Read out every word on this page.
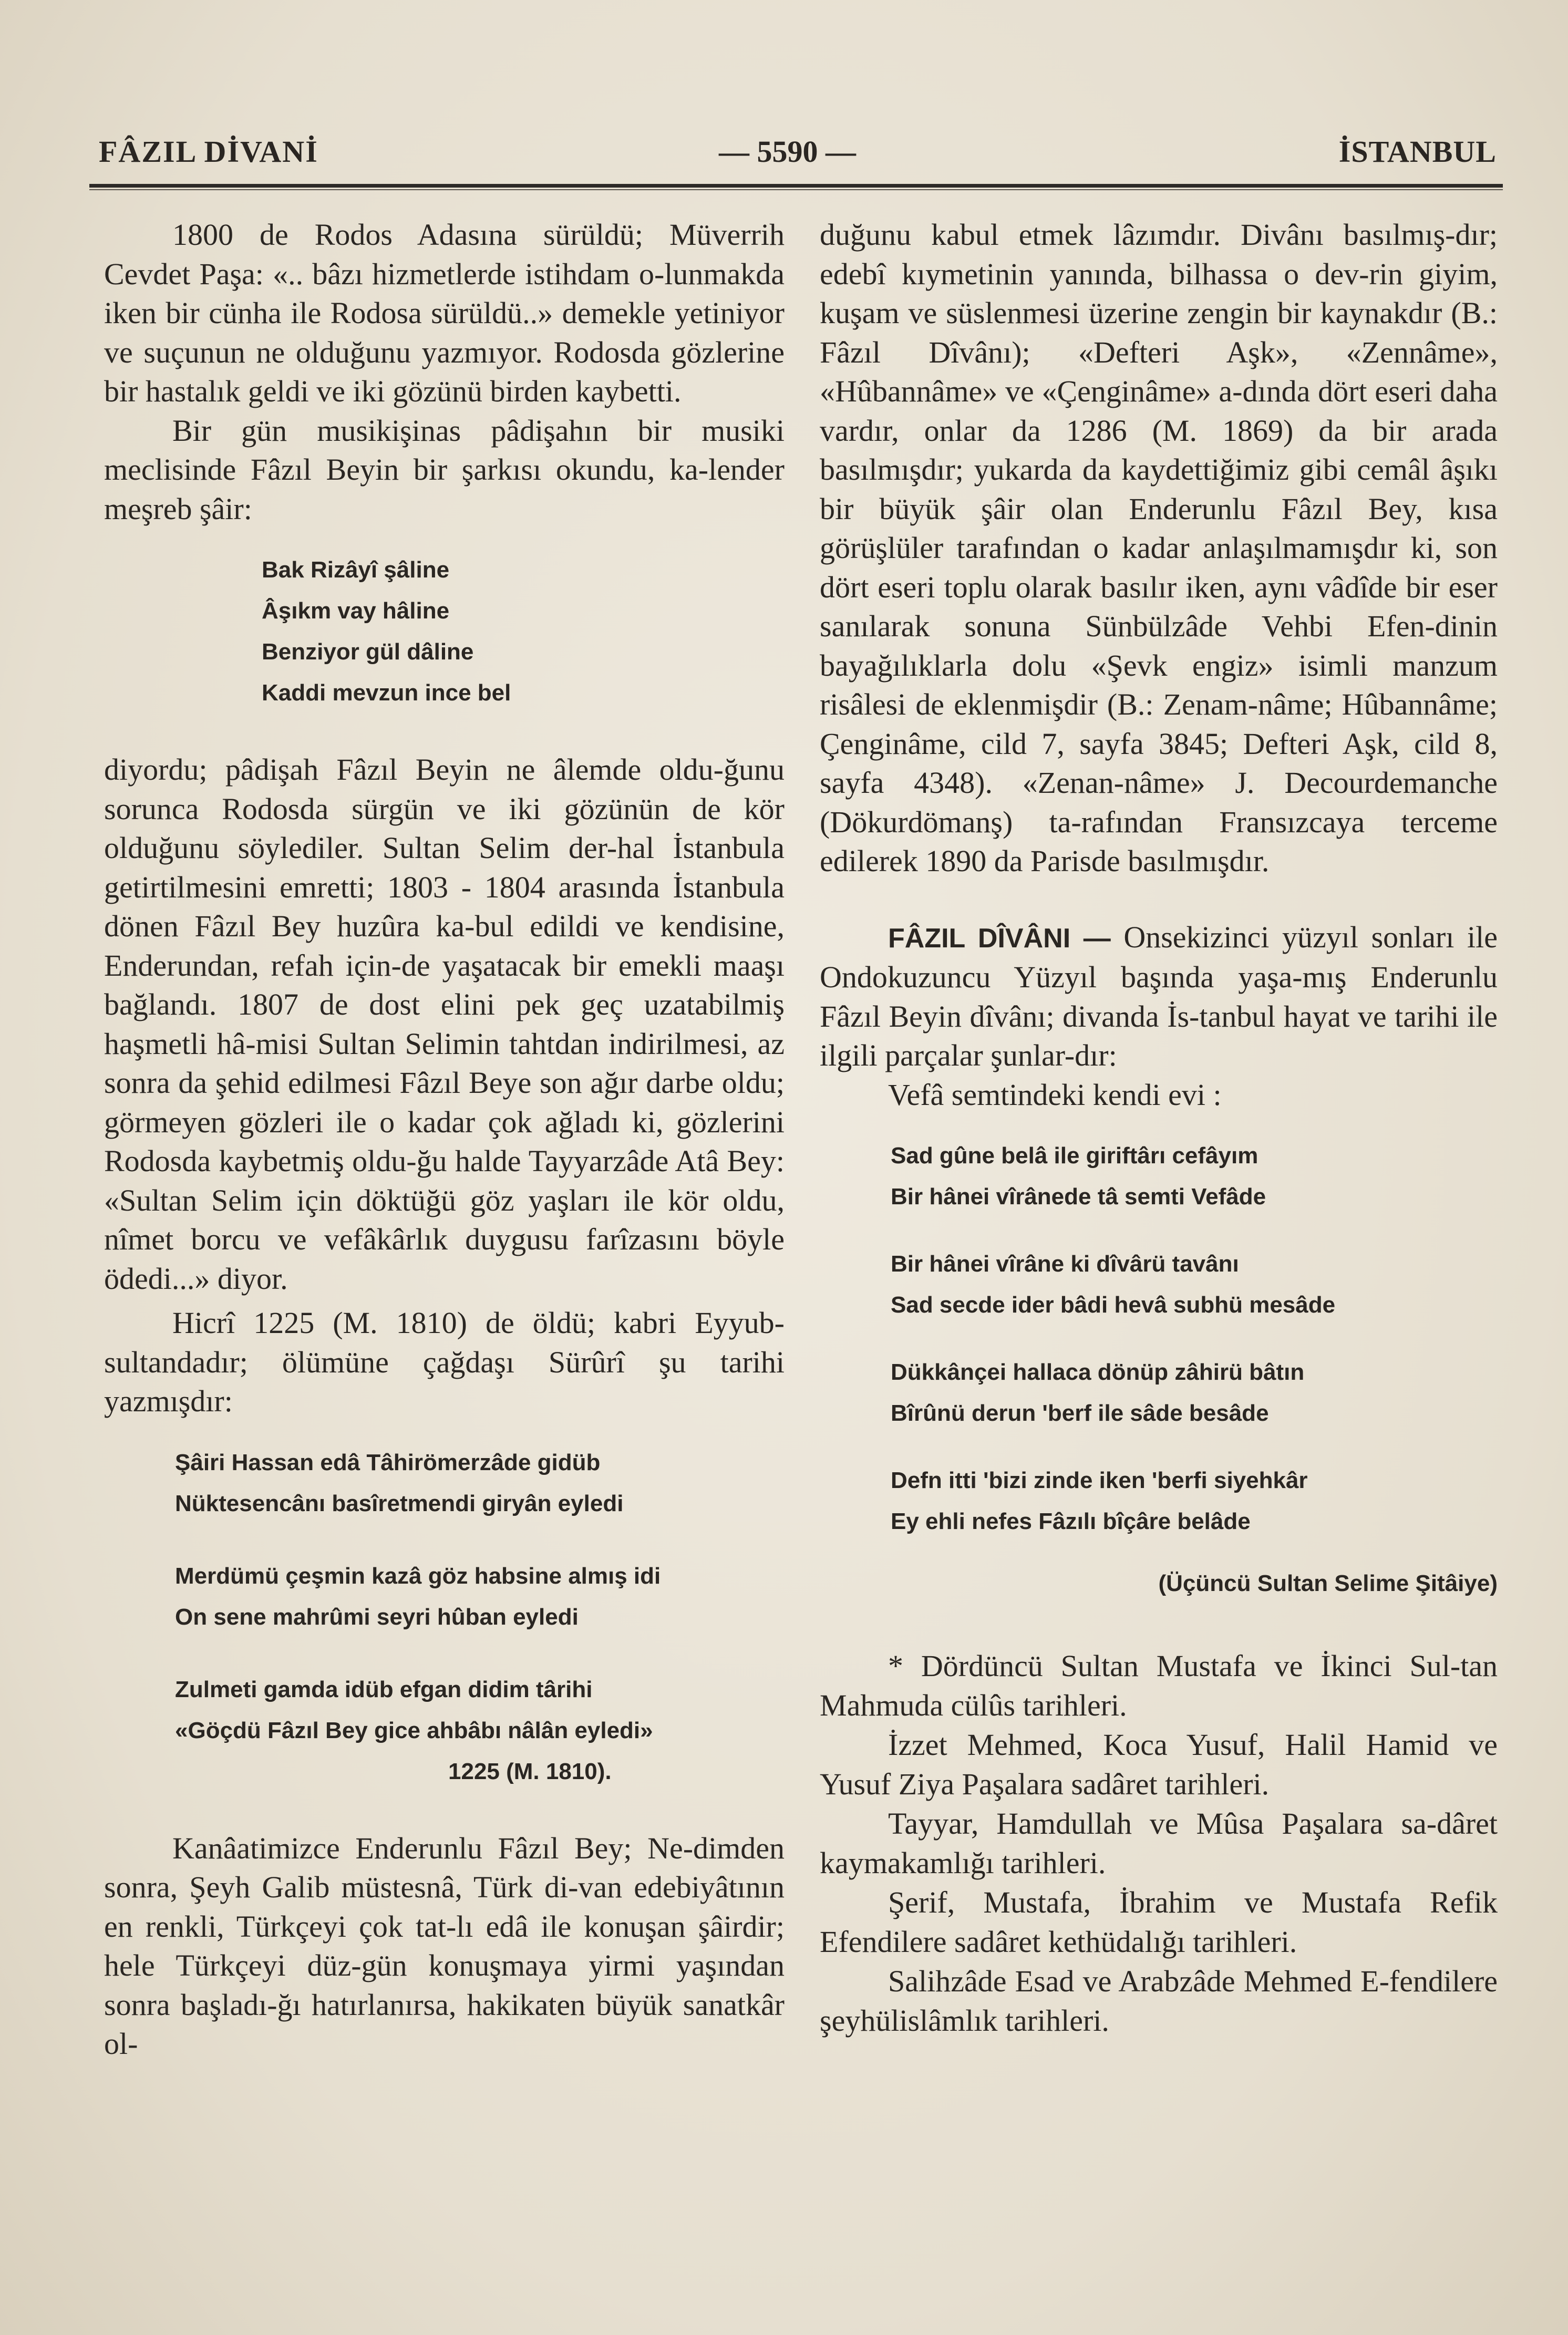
FÂZIL DİVANİ	— 5590 —	İSTANBUL

1800 de Rodos Adasına sürüldü; Müverrih Cevdet Paşa: «.. bâzı hizmetlerde istihdam o-lunmakda iken bir cünha ile Rodosa sürüldü..» demekle yetiniyor ve suçunun ne olduğunu yazmıyor. Rodosda gözlerine bir hastalık geldi ve iki gözünü birden kaybetti.

Bir gün musikişinas pâdişahın bir musiki meclisinde Fâzıl Beyin bir şarkısı okundu, ka-lender meşreb şâir:

Bak Rizâyî şâline

Âşıkm vay hâline

Benziyor gül dâline

Kaddi mevzun ince bel

diyordu; pâdişah Fâzıl Beyin ne âlemde oldu-ğunu sorunca Rodosda sürgün ve iki gözünün de kör olduğunu söylediler. Sultan Selim der-hal İstanbula getirtilmesini emretti; 1803 - 1804 arasında İstanbula dönen Fâzıl Bey huzûra ka-bul edildi ve kendisine, Enderundan, refah için-de yaşatacak bir emekli maaşı bağlandı. 1807 de dost elini pek geç uzatabilmiş haşmetli hâ-misi Sultan Selimin tahtdan indirilmesi, az sonra da şehid edilmesi Fâzıl Beye son ağır darbe oldu; görmeyen gözleri ile o kadar çok ağladı ki, gözlerini Rodosda kaybetmiş oldu-ğu halde Tayyarzâde Atâ Bey: «Sultan Selim için döktüğü göz yaşları ile kör oldu, nîmet borcu ve vefâkârlık duygusu farîzasını böyle ödedi...» diyor.

Hicrî 1225 (M. 1810) de öldü; kabri Eyyub-sultandadır; ölümüne çağdaşı Sürûrî şu tarihi yazmışdır:

Şâiri Hassan edâ Tâhirömerzâde gidüb

Nüktesencânı basîretmendi giryân eyledi

Merdümü çeşmin kazâ göz habsine almış idi

On sene mahrûmi seyri hûban eyledi

Zulmeti gamda idüb efgan didim târihi

«Göçdü Fâzıl Bey gice ahbâbı nâlân eyledi»

1225 (M. 1810).

Kanâatimizce Enderunlu Fâzıl Bey; Ne-dimden sonra, Şeyh Galib müstesnâ, Türk di-van edebiyâtının en renkli, Türkçeyi çok tat-lı edâ ile konuşan şâirdir; hele Türkçeyi düz-gün konuşmaya yirmi yaşından sonra başladı-ğı hatırlanırsa, hakikaten büyük sanatkâr ol-

duğunu kabul etmek lâzımdır. Divânı basılmış-dır; edebî kıymetinin yanında, bilhassa o dev-rin giyim, kuşam ve süslenmesi üzerine zengin bir kaynakdır (B.: Fâzıl Dîvânı); «Defteri Aşk», «Zennâme», «Hûbannâme» ve «Çenginâme» a-dında dört eseri daha vardır, onlar da 1286 (M. 1869) da bir arada basılmışdır; yukarda da kaydettiğimiz gibi cemâl âşıkı bir büyük şâir olan Enderunlu Fâzıl Bey, kısa görüşlüler tarafından o kadar anlaşılmamışdır ki, son dört eseri toplu olarak basılır iken, aynı vâdîde bir eser sanılarak sonuna Sünbülzâde Vehbi Efen-dinin bayağılıklarla dolu «Şevk engiz» isimli manzum risâlesi de eklenmişdir (B.: Zenam-nâme; Hûbannâme; Çenginâme, cild 7, sayfa 3845; Defteri Aşk, cild 8, sayfa 4348). «Zenan-nâme» J. Decourdemanche (Dökurdömanş) ta-rafından Fransızcaya terceme edilerek 1890 da Parisde basılmışdır.

FÂZIL DÎVÂNI — Onsekizinci yüzyıl sonları ile Ondokuzuncu Yüzyıl başında yaşa-mış Enderunlu Fâzıl Beyin dîvânı; divanda İs-tanbul hayat ve tarihi ile ilgili parçalar şunlar-dır:

Vefâ semtindeki kendi evi :

Sad gûne belâ ile giriftârı cefâyım

Bir hânei vîrânede tâ semti Vefâde

Bir hânei vîrâne ki dîvârü tavânı

Sad secde ider bâdi hevâ subhü mesâde

Dükkânçei hallaca dönüp zâhirü bâtın

Bîrûnü derun 'berf ile sâde besâde

Defn itti 'bizi zinde iken 'berfi siyehkâr

Ey ehli nefes Fâzılı bîçâre belâde

(Üçüncü Sultan Selime Şitâiye)

* Dördüncü Sultan Mustafa ve İkinci Sul-tan Mahmuda cülûs tarihleri.

İzzet Mehmed, Koca Yusuf, Halil Hamid ve Yusuf Ziya Paşalara sadâret tarihleri.

Tayyar, Hamdullah ve Mûsa Paşalara sa-dâret kaymakamlığı tarihleri.

Şerif, Mustafa, İbrahim ve Mustafa Refik Efendilere sadâret kethüdalığı tarihleri.

Salihzâde Esad ve Arabzâde Mehmed E-fendilere şeyhülislâmlık tarihleri.
